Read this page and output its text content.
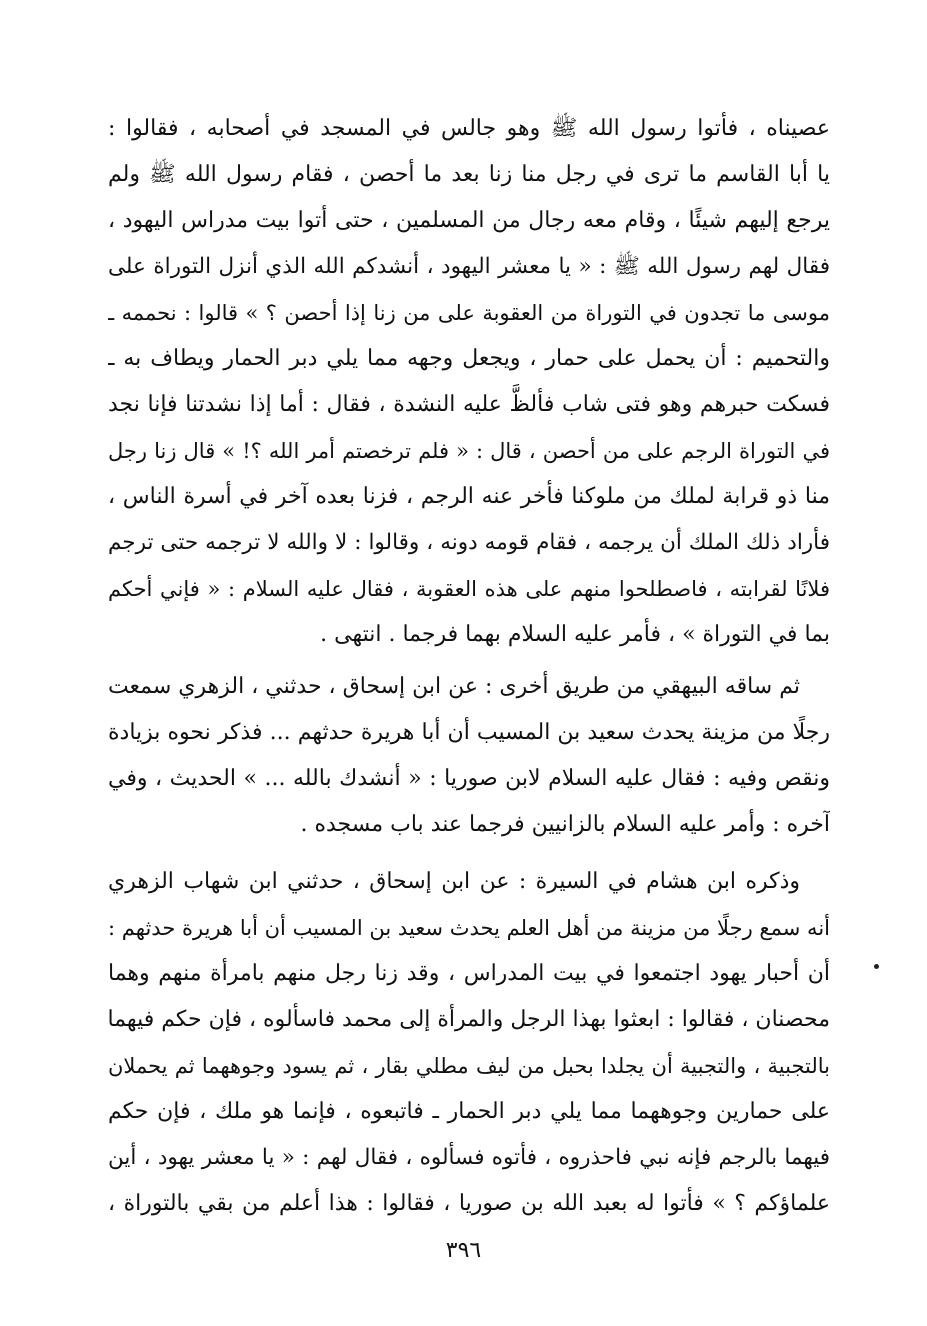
عصيناه ، فأتوا رسول الله ﷺ وهو جالس في المسجد في أصحابه ، فقالوا :
يا أبا القاسم ما ترى في رجل منا زنا بعد ما أحصن ، فقام رسول الله ﷺ ولم
يرجع إليهم شيئًا ، وقام معه رجال من المسلمين ، حتى أتوا بيت مدراس اليهود ،
فقال لهم رسول الله ﷺ : « يا معشر اليهود ، أنشدكم الله الذي أنزل التوراة على
موسى ما تجدون في التوراة من العقوبة على من زنا إذا أحصن ؟ » قالوا : نحممه ـ
والتحميم : أن يحمل على حمار ، ويجعل وجهه مما يلي دبر الحمار ويطاف به ـ
فسكت حبرهم وهو فتى شاب فألظَّ عليه النشدة ، فقال : أما إذا نشدتنا فإنا نجد
في التوراة الرجم على من أحصن ، قال : « فلم ترخصتم أمر الله ؟! » قال زنا رجل
منا ذو قرابة لملك من ملوكنا فأخر عنه الرجم ، فزنا بعده آخر في أسرة الناس ،
فأراد ذلك الملك أن يرجمه ، فقام قومه دونه ، وقالوا : لا والله لا ترجمه حتى ترجم
فلانًا لقرابته ، فاصطلحوا منهم على هذه العقوبة ، فقال عليه السلام : « فإني أحكم
بما في التوراة » ، فأمر عليه السلام بهما فرجما . انتهى .
ثم ساقه البيهقي من طريق أخرى : عن ابن إسحاق ، حدثني ، الزهري سمعت
رجلًا من مزينة يحدث سعيد بن المسيب أن أبا هريرة حدثهم ... فذكر نحوه بزيادة
ونقص وفيه : فقال عليه السلام لابن صوريا : « أنشدك بالله ... » الحديث ، وفي
آخره : وأمر عليه السلام بالزانيين فرجما عند باب مسجده .
وذكره ابن هشام في السيرة : عن ابن إسحاق ، حدثني ابن شهاب الزهري
أنه سمع رجلًا من مزينة من أهل العلم يحدث سعيد بن المسيب أن أبا هريرة حدثهم :
أن أحبار يهود اجتمعوا في بيت المدراس ، وقد زنا رجل منهم بامرأة منهم وهما
محصنان ، فقالوا : ابعثوا بهذا الرجل والمرأة إلى محمد فاسألوه ، فإن حكم فيهما
بالتجبية ، والتجبية أن يجلدا بحبل من ليف مطلي بقار ، ثم يسود وجوههما ثم يحملان
على حمارين وجوههما مما يلي دبر الحمار ـ فاتبعوه ، فإنما هو ملك ، فإن حكم
فيهما بالرجم فإنه نبي فاحذروه ، فأتوه فسألوه ، فقال لهم : « يا معشر يهود ، أين
علماؤكم ؟ » فأتوا له بعبد الله بن صوريا ، فقالوا : هذا أعلم من بقي بالتوراة ،
٣٩٦
